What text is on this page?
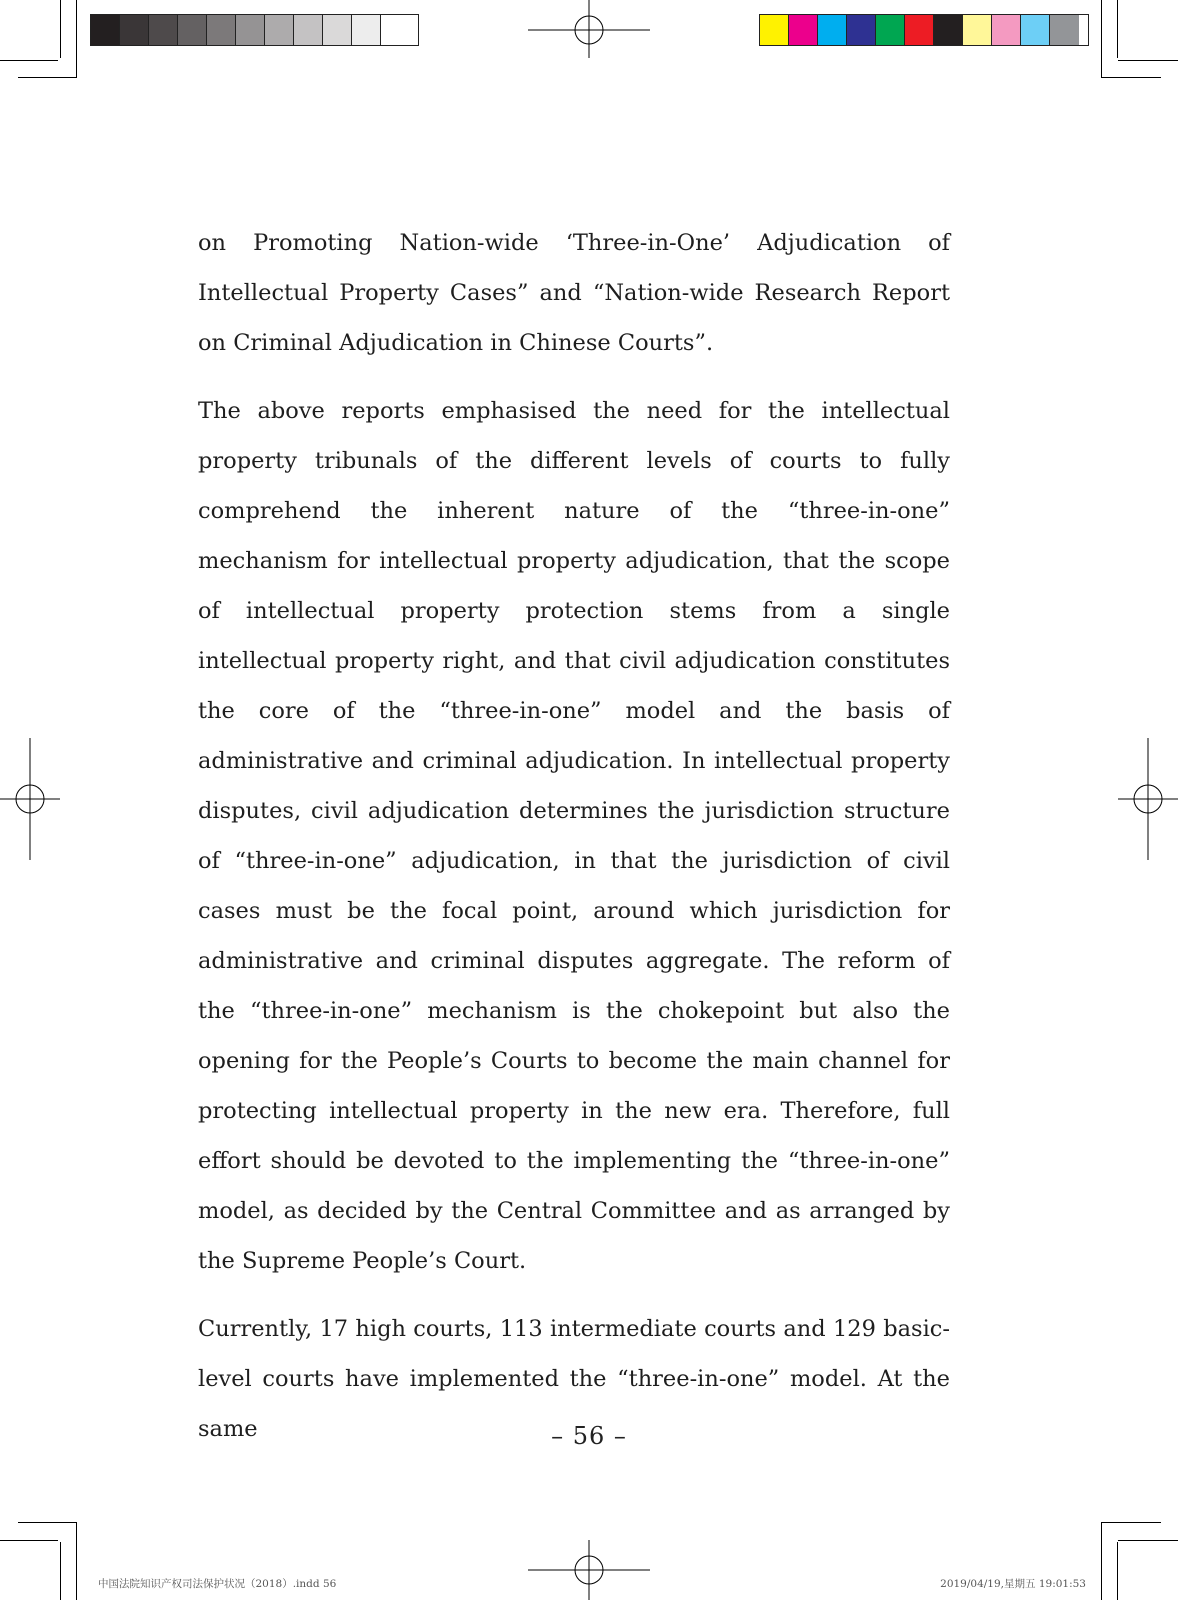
on Promoting Nation-wide ‘Three-in-One’ Adjudication of Intellectual Property Cases” and “Nation-wide Research Report on Criminal Adjudication in Chinese Courts”.

The above reports emphasised the need for the intellectual property tribunals of the different levels of courts to fully comprehend the inherent nature of the “three-in-one” mechanism for intellectual property adjudication, that the scope of intellectual property protection stems from a single intellectual property right, and that civil adjudication constitutes the core of the “three-in-one” model and the basis of administrative and criminal adjudication. In intellectual property disputes, civil adjudication determines the jurisdiction structure of “three-in-one” adjudication, in that the jurisdiction of civil cases must be the focal point, around which jurisdiction for administrative and criminal disputes aggregate. The reform of the “three-in-one” mechanism is the chokepoint but also the opening for the People’s Courts to become the main channel for protecting intellectual property in the new era. Therefore, full effort should be devoted to the implementing the “three-in-one” model, as decided by the Central Committee and as arranged by the Supreme People’s Court.

Currently, 17 high courts, 113 intermediate courts and 129 basic-level courts have implemented the “three-in-one” model. At the same	– 56 –
中国法院知识产权司法保护状况（2018）.indd 56	2019/04/19,星期五 19:01:53
